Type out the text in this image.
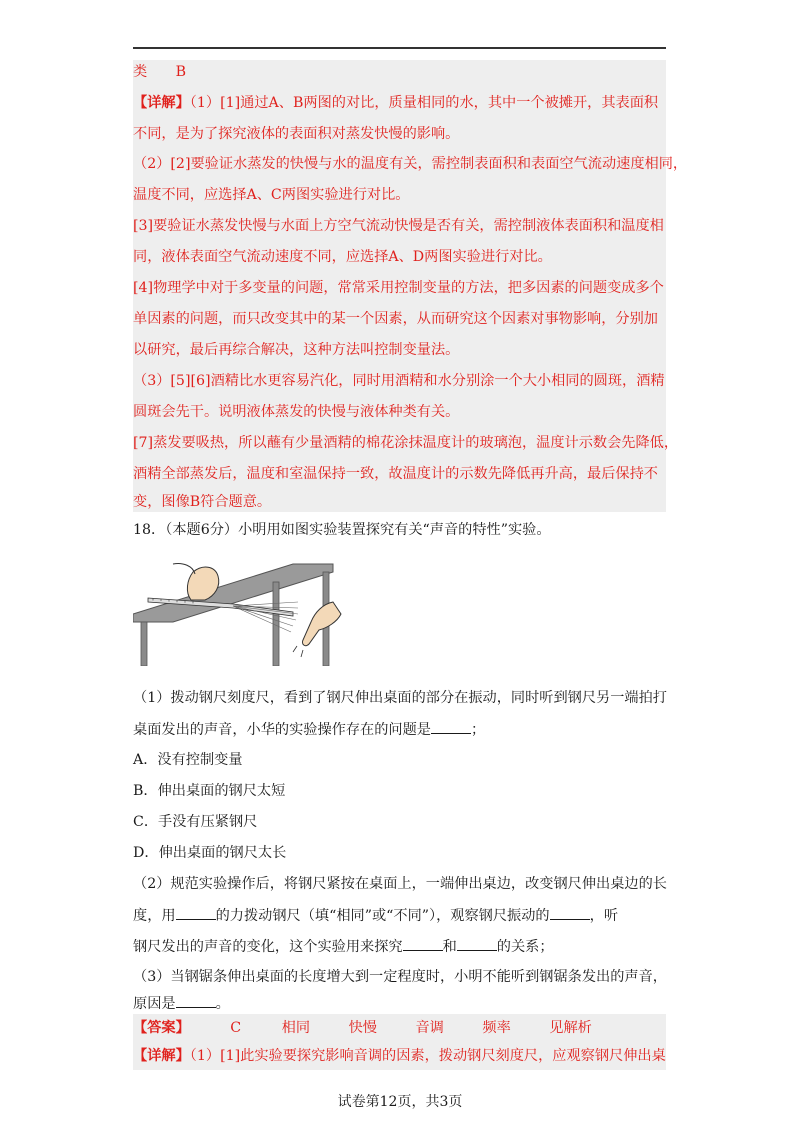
类　　B
【详解】（1）[1]通过A、B两图的对比，质量相同的水，其中一个被摊开，其表面积
不同，是为了探究液体的表面积对蒸发快慢的影响。
（2）[2]要验证水蒸发的快慢与水的温度有关，需控制表面积和表面空气流动速度相同，
温度不同，应选择A、C两图实验进行对比。
[3]要验证水蒸发快慢与水面上方空气流动快慢是否有关，需控制液体表面积和温度相
同，液体表面空气流动速度不同，应选择A、D两图实验进行对比。
[4]物理学中对于多变量的问题，常常采用控制变量的方法，把多因素的问题变成多个
单因素的问题，而只改变其中的某一个因素，从而研究这个因素对事物影响，分别加
以研究，最后再综合解决，这种方法叫控制变量法。
（3）[5][6]酒精比水更容易汽化，同时用酒精和水分别涂一个大小相同的圆斑，酒精
圆斑会先干。说明液体蒸发的快慢与液体种类有关。
[7]蒸发要吸热，所以蘸有少量酒精的棉花涂抹温度计的玻璃泡，温度计示数会先降低，
酒精全部蒸发后，温度和室温保持一致，故温度计的示数先降低再升高，最后保持不
变，图像B符合题意。
18．（本题6分）小明用如图实验装置探究有关“声音的特性”实验。
（1）拨动钢尺刻度尺，看到了钢尺伸出桌面的部分在振动，同时听到钢尺另一端拍打
桌面发出的声音，小华的实验操作存在的问题是	；
A．没有控制变量
B．伸出桌面的钢尺太短
C．手没有压紧钢尺
D．伸出桌面的钢尺太长
（2）规范实验操作后，将钢尺紧按在桌面上，一端伸出桌边，改变钢尺伸出桌边的长
度，用	的力拨动钢尺（填“相同”或“不同”），观察钢尺振动的	，听
钢尺发出的声音的变化，这个实验用来探究	和	的关系；
（3）当钢锯条伸出桌面的长度增大到一定程度时，小明不能听到钢锯条发出的声音，
原因是	。
【答案】	C	相同	快慢	音调	频率	见解析
【详解】（1）[1]此实验要探究影响音调的因素，拨动钢尺刻度尺，应观察钢尺伸出桌
试卷第12页，共3页
